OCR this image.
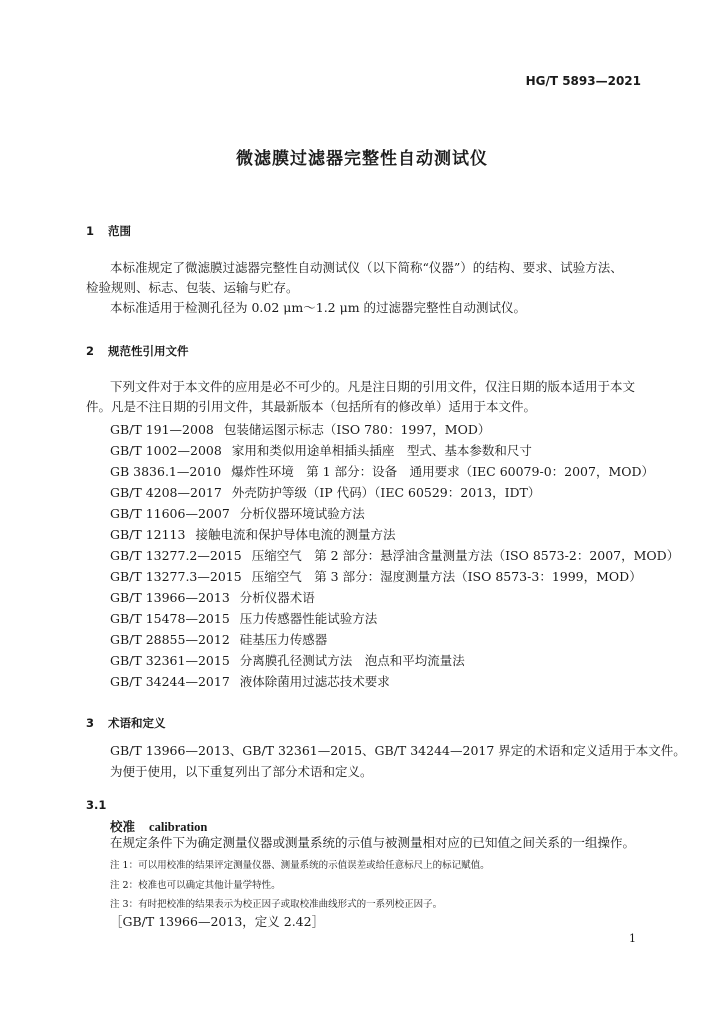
HG/T 5893—2021
微滤膜过滤器完整性自动测试仪
1 范围
本标准规定了微滤膜过滤器完整性自动测试仪（以下简称“仪器”）的结构、要求、试验方法、
检验规则、标志、包装、运输与贮存。
本标准适用于检测孔径为 0.02 μm～1.2 μm 的过滤器完整性自动测试仪。
2 规范性引用文件
下列文件对于本文件的应用是必不可少的。凡是注日期的引用文件，仅注日期的版本适用于本文
件。凡是不注日期的引用文件，其最新版本（包括所有的修改单）适用于本文件。
GB/T 191—2008 包装储运图示标志（ISO 780：1997，MOD）
GB/T 1002—2008 家用和类似用途单相插头插座　型式、基本参数和尺寸
GB 3836.1—2010 爆炸性环境　第 1 部分：设备　通用要求（IEC 60079-0：2007，MOD）
GB/T 4208—2017 外壳防护等级（IP 代码）（IEC 60529：2013，IDT）
GB/T 11606—2007 分析仪器环境试验方法
GB/T 12113 接触电流和保护导体电流的测量方法
GB/T 13277.2—2015 压缩空气　第 2 部分：悬浮油含量测量方法（ISO 8573-2：2007，MOD）
GB/T 13277.3—2015 压缩空气　第 3 部分：湿度测量方法（ISO 8573-3：1999，MOD）
GB/T 13966—2013 分析仪器术语
GB/T 15478—2015 压力传感器性能试验方法
GB/T 28855—2012 硅基压力传感器
GB/T 32361—2015 分离膜孔径测试方法　泡点和平均流量法
GB/T 34244—2017 液体除菌用过滤芯技术要求
3 术语和定义
GB/T 13966—2013、GB/T 32361—2015、GB/T 34244—2017 界定的术语和定义适用于本文件。
为便于使用，以下重复列出了部分术语和定义。
3.1
校准 calibration
在规定条件下为确定测量仪器或测量系统的示值与被测量相对应的已知值之间关系的一组操作。
注 1：可以用校准的结果评定测量仪器、测量系统的示值误差或给任意标尺上的标记赋值。
注 2：校准也可以确定其他计量学特性。
注 3：有时把校准的结果表示为校正因子或取校准曲线形式的一系列校正因子。
［GB/T 13966—2013，定义 2.42］
1
